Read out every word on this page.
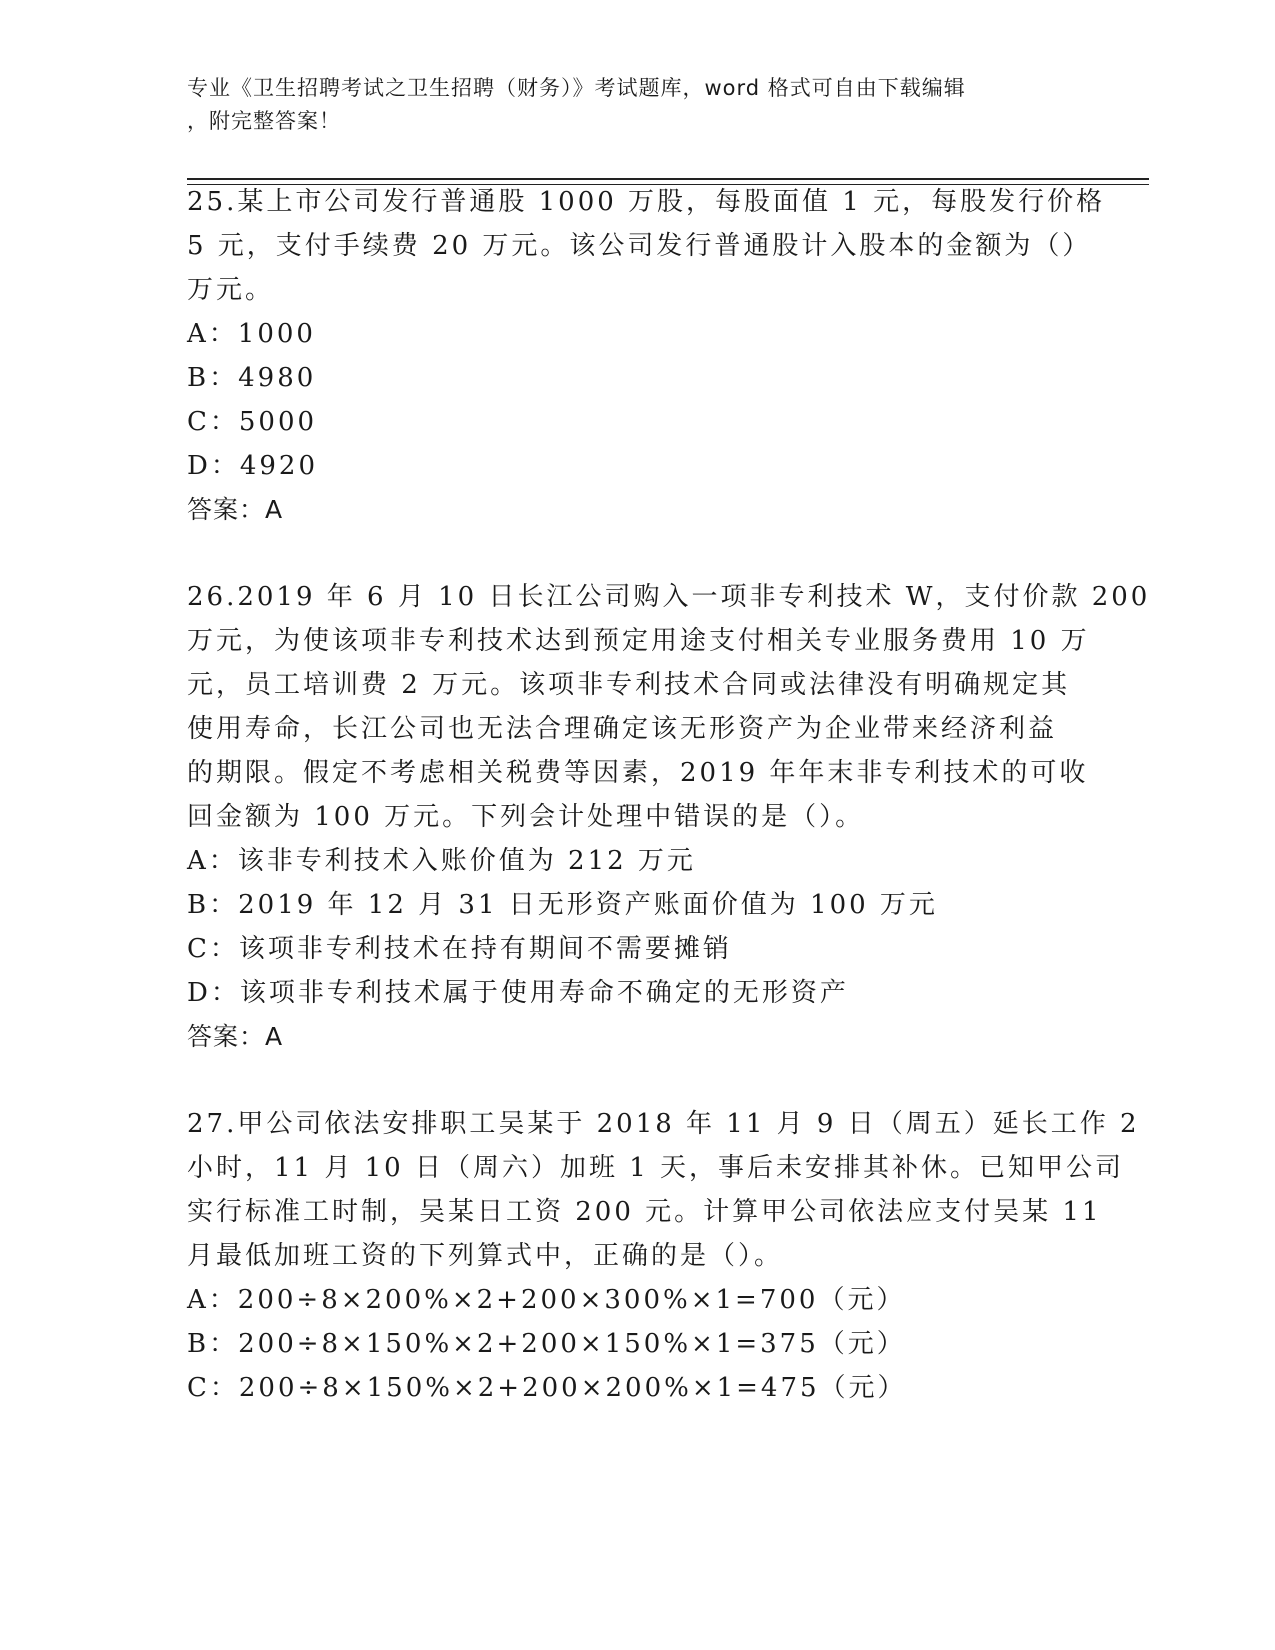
专业《卫生招聘考试之卫生招聘（财务）》考试题库，word 格式可自由下载编辑
，附完整答案！
25.某上市公司发行普通股 1000 万股，每股面值 1 元，每股发行价格
5 元，支付手续费 20 万元。该公司发行普通股计入股本的金额为（）
万元。
A：1000
B：4980
C：5000
D：4920
答案：A
26.2019 年 6 月 10 日长江公司购入一项非专利技术 W，支付价款 200
万元，为使该项非专利技术达到预定用途支付相关专业服务费用 10 万
元，员工培训费 2 万元。该项非专利技术合同或法律没有明确规定其
使用寿命，长江公司也无法合理确定该无形资产为企业带来经济利益
的期限。假定不考虑相关税费等因素，2019 年年末非专利技术的可收
回金额为 100 万元。下列会计处理中错误的是（）。
A：该非专利技术入账价值为 212 万元
B：2019 年 12 月 31 日无形资产账面价值为 100 万元
C：该项非专利技术在持有期间不需要摊销
D：该项非专利技术属于使用寿命不确定的无形资产
答案：A
27.甲公司依法安排职工吴某于 2018 年 11 月 9 日（周五）延长工作 2
小时，11 月 10 日（周六）加班 1 天，事后未安排其补休。已知甲公司
实行标准工时制，吴某日工资 200 元。计算甲公司依法应支付吴某 11
月最低加班工资的下列算式中，正确的是（）。
A：200÷8×200%×2+200×300%×1=700（元）
B：200÷8×150%×2+200×150%×1=375（元）
C：200÷8×150%×2+200×200%×1=475（元）
